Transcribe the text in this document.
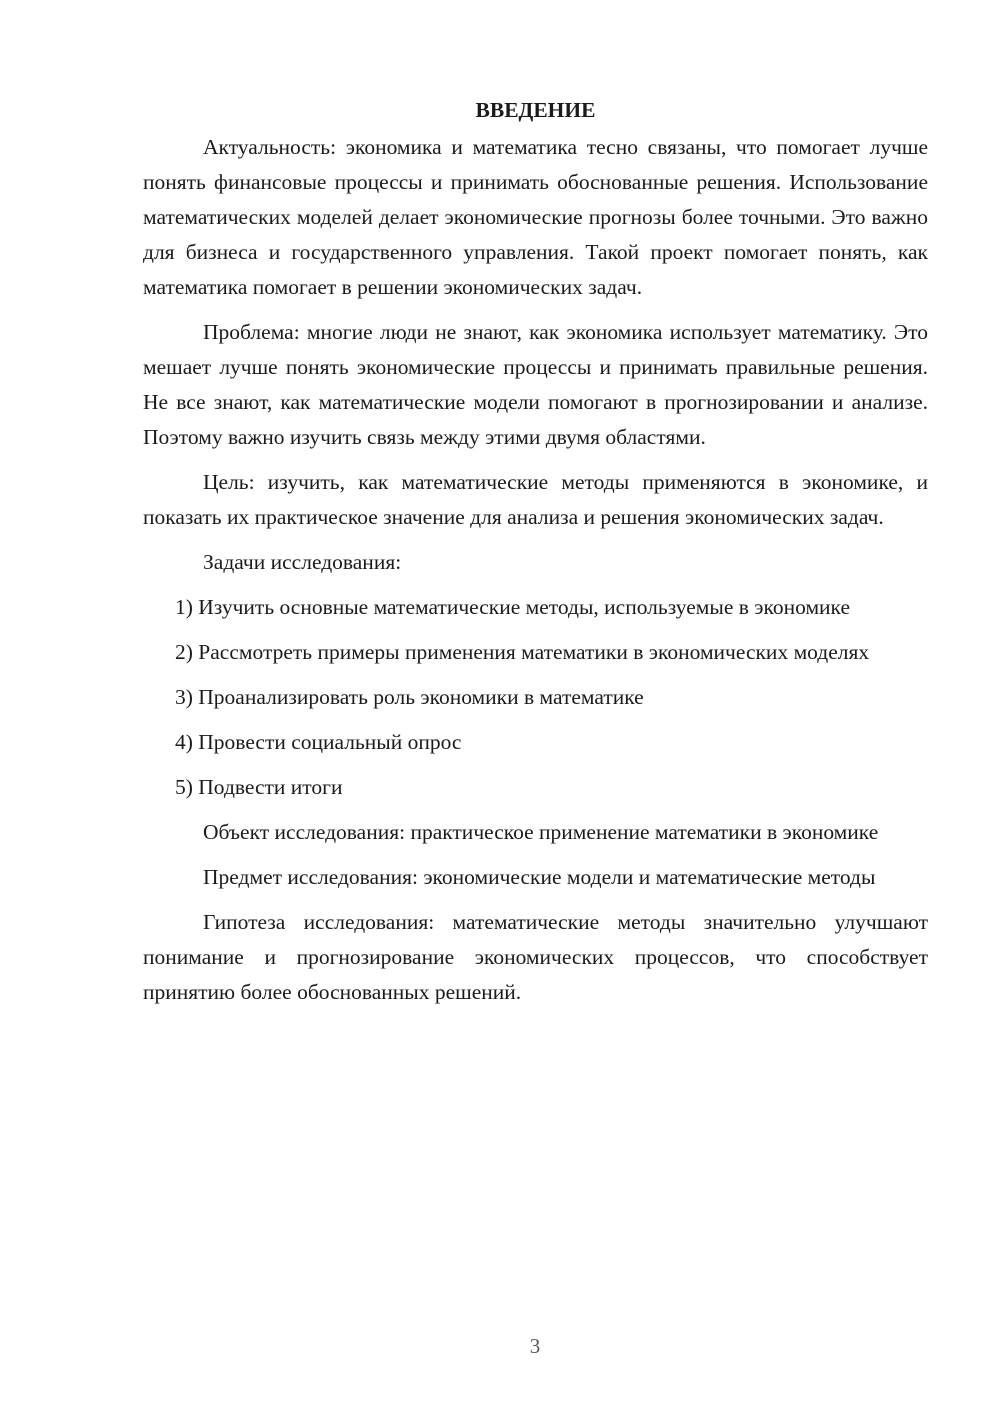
ВВЕДЕНИЕ

Актуальность: экономика и математика тесно связаны, что помогает лучше понять финансовые процессы и принимать обоснованные решения. Использование математических моделей делает экономические прогнозы более точными. Это важно для бизнеса и государственного управления. Такой проект помогает понять, как математика помогает в решении экономических задач.

Проблема: многие люди не знают, как экономика использует математику. Это мешает лучше понять экономические процессы и принимать правильные решения. Не все знают, как математические модели помогают в прогнозировании и анализе. Поэтому важно изучить связь между этими двумя областями.

Цель: изучить, как математические методы применяются в экономике, и показать их практическое значение для анализа и решения экономических задач.

Задачи исследования:

1) Изучить основные математические методы, используемые в экономике

2) Рассмотреть примеры применения математики в экономических моделях

3) Проанализировать роль экономики в математике

4) Провести социальный опрос

5) Подвести итоги

Объект исследования: практическое применение математики в экономике

Предмет исследования: экономические модели и математические методы

Гипотеза исследования: математические методы значительно улучшают понимание и прогнозирование экономических процессов, что способствует принятию более обоснованных решений.

3
